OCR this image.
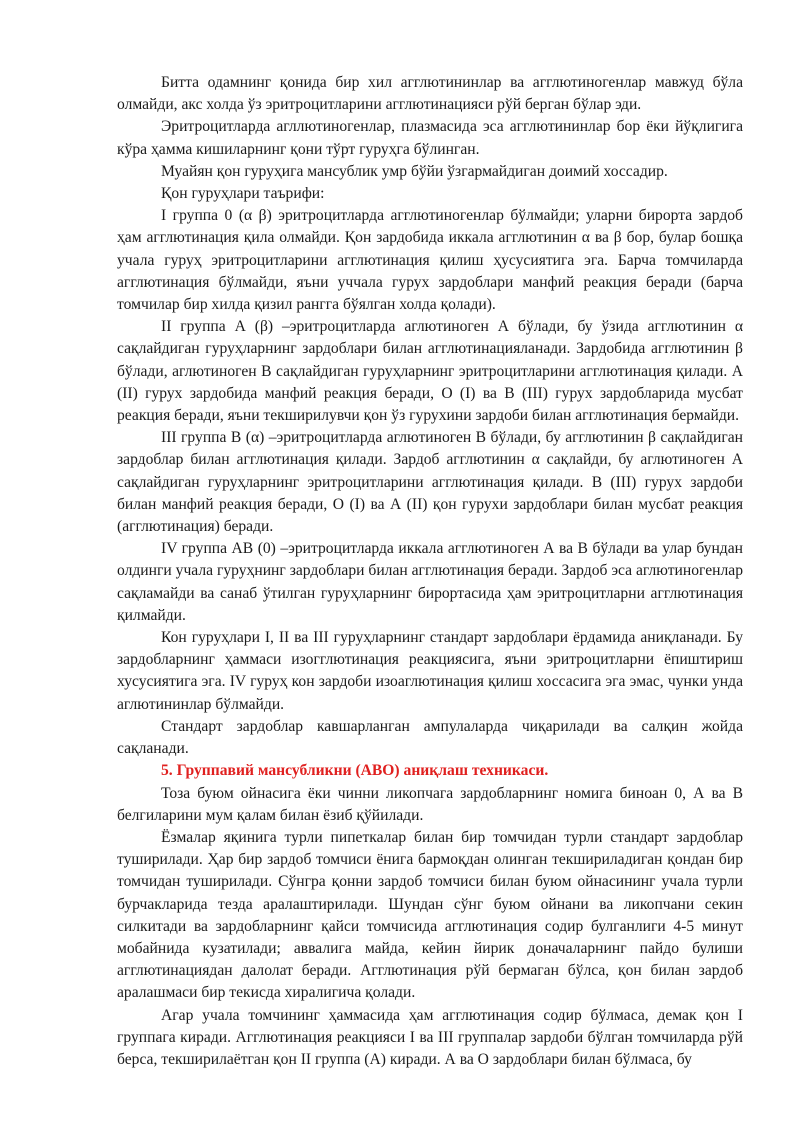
Битта одамнинг қонида бир хил агглютининлар ва агглютиногенлар мавжуд бўла олмайди, акс холда ўз эритроцитларини агглютинацияси рўй берган бўлар эди.

Эритроцитларда агллютиногенлар, плазмасида эса агглютининлар бор ёки йўқлигига кўра ҳамма кишиларнинг қони тўрт гуруҳга бўлинган.

Муайян қон гуруҳига мансублик умр бўйи ўзгармайдиган доимий хоссадир.

Қон гуруҳлари таърифи:

I группа 0 (α β) эритроцитларда агглютиногенлар бўлмайди; уларни бирорта зардоб ҳам агглютинация қила олмайди. Қон зардобида иккала агглютинин α ва β бор, булар бошқа учала гуруҳ эритроцитларини агглютинация қилиш ҳусусиятига эга. Барча томчиларда агглютинация бўлмайди, яъни уччала гурух зардоблари манфий реакция беради (барча томчилар бир хилда қизил рангга бўялган холда қолади).

II группа А (β) –эритроцитларда аглютиноген А бўлади, бу ўзида агглютинин α сақлайдиган гуруҳларнинг зардоблари билан агглютинацияланади. Зардобида агглютинин β бўлади, аглютиноген В сақлайдиган гуруҳларнинг эритроцитларини агглютинация қилади. А (II) гурух зардобида манфий реакция беради, О (I) ва В (III) гурух зардобларида мусбат реакция беради, яъни текширилувчи қон ўз гурухини зардоби билан агглютинация бермайди.

III группа В (α) –эритроцитларда аглютиноген В бўлади, бу агглютинин β сақлайдиган зардоблар билан агглютинация қилади. Зардоб агглютинин α сақлайди, бу аглютиноген А сақлайдиган гуруҳларнинг эритроцитларини агглютинация қилади. В (III) гурух зардоби билан манфий реакция беради, О (I) ва А (II) қон гурухи зардоблари билан мусбат реакция (агглютинация) беради.

IV группа АВ (0) –эритроцитларда иккала агглютиноген А ва В бўлади ва улар бундан олдинги учала гуруҳнинг зардоблари билан агглютинация беради. Зардоб эса аглютиногенлар сақламайди ва санаб ўтилган гуруҳларнинг бирортасида ҳам эритроцитларни агглютинация қилмайди.

Кон гуруҳлари I, II ва III гуруҳларнинг стандарт зардоблари ёрдамида аниқланади. Бу зардобларнинг ҳаммаси изогглютинация реакциясига, яъни эритроцитларни ёпиштириш хусусиятига эга. IV гуруҳ кон зардоби изоаглютинация қилиш хоссасига эга эмас, чунки унда аглютининлар бўлмайди.

Стандарт зардоблар кавшарланган ампулаларда чиқарилади ва салқин жойда сақланади.

5. Группавий мансубликни (АВО) аниқлаш техникаси.

Тоза буюм ойнасига ёки чинни ликопчага зардобларнинг номига биноан 0, А ва В белгиларини мум қалам билан ёзиб қўйилади.

Ёзмалар яқинига турли пипеткалар билан бир томчидан турли стандарт зардоблар туширилади. Ҳар бир зардоб томчиси ёнига бармоқдан олинган текшириладиган қондан бир томчидан туширилади. Сўнгра қонни зардоб томчиси билан буюм ойнасининг учала турли бурчакларида тезда аралаштирилади. Шундан сўнг буюм ойнани ва ликопчани секин силкитади ва зардобларнинг қайси томчисида агглютинация содир булганлиги 4-5 минут мобайнида кузатилади; аввалига майда, кейин йирик доначаларнинг пайдо булиши агглютинациядан далолат беради. Агглютинация рўй бермаган бўлса, қон билан зардоб аралашмаси бир текисда хиралигича қолади.

Агар учала томчининг ҳаммасида ҳам агглютинация содир бўлмаса, демак қон I группага киради. Агглютинация реакцияси I ва III группалар зардоби бўлган томчиларда рўй берса, текширилаётган қон II группа (А) киради. А ва О зардоблари билан бўлмаса, бу
